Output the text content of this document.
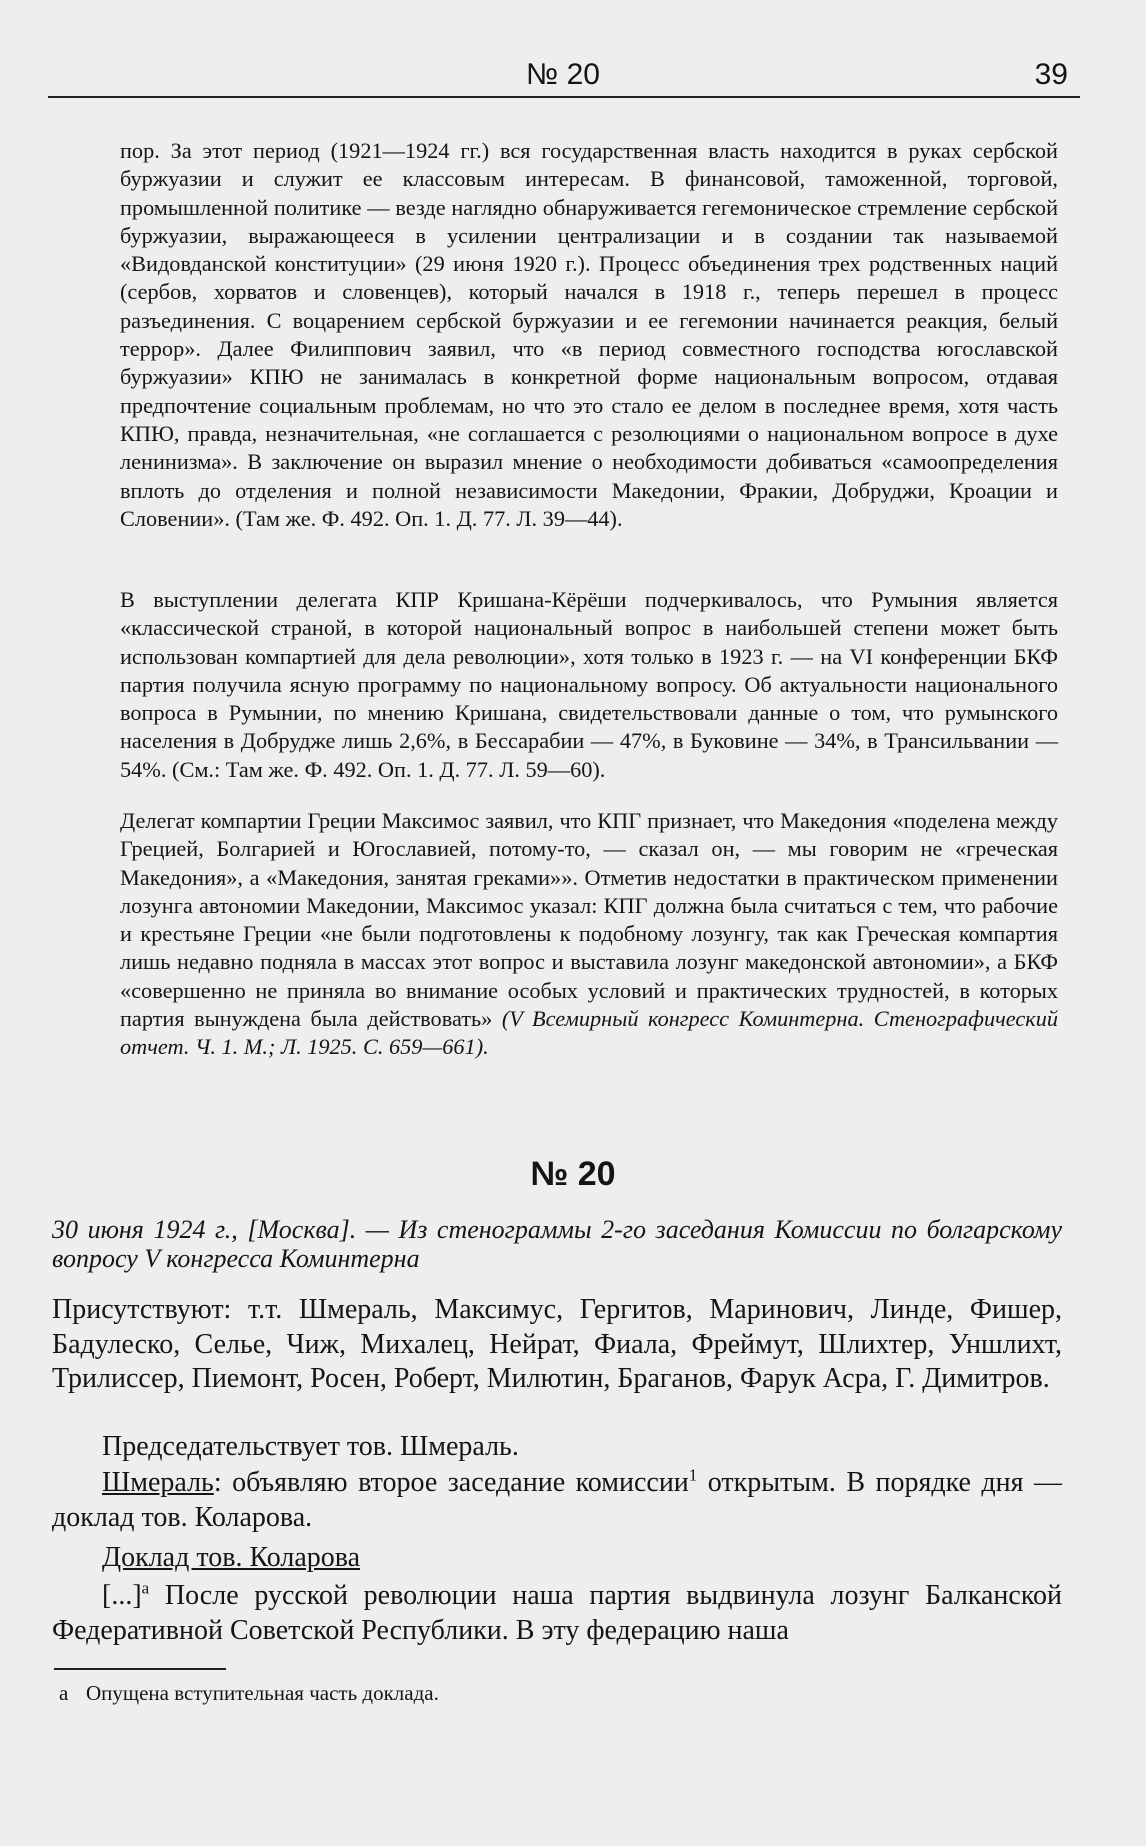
№ 20	39

пор. За этот период (1921—1924 гг.) вся государственная власть находится в руках сербской буржуазии и служит ее классовым интересам. В финансовой, таможенной, торговой, промышленной политике — везде наглядно обнаруживается гегемоническое стремление сербской буржуазии, выражающееся в усилении централизации и в создании так называемой «Видовданской конституции» (29 июня 1920 г.). Процесс объединения трех родственных наций (сербов, хорватов и словенцев), который начался в 1918 г., теперь перешел в процесс разъединения. С воцарением сербской буржуазии и ее гегемонии начинается реакция, белый террор». Далее Филиппович заявил, что «в период совместного господства югославской буржуазии» КПЮ не занималась в конкретной форме национальным вопросом, отдавая предпочтение социальным проблемам, но что это стало ее делом в последнее время, хотя часть КПЮ, правда, незначительная, «не соглашается с резолюциями о национальном вопросе в духе ленинизма». В заключение он выразил мнение о необходимости добиваться «самоопределения вплоть до отделения и полной независимости Македонии, Фракии, Добруджи, Кроации и Словении». (Там же. Ф. 492. Оп. 1. Д. 77. Л. 39—44).

В выступлении делегата КПР Кришана-Кёрёши подчеркивалось, что Румыния является «классической страной, в которой национальный вопрос в наибольшей степени может быть использован компартией для дела революции», хотя только в 1923 г. — на VI конференции БКФ партия получила ясную программу по национальному вопросу. Об актуальности национального вопроса в Румынии, по мнению Кришана, свидетельствовали данные о том, что румынского населения в Добрудже лишь 2,6%, в Бессарабии — 47%, в Буковине — 34%, в Трансильвании — 54%. (См.: Там же. Ф. 492. Оп. 1. Д. 77. Л. 59—60).

Делегат компартии Греции Максимос заявил, что КПГ признает, что Македония «поделена между Грецией, Болгарией и Югославией, потому-то, — сказал он, — мы говорим не «греческая Македония», а «Македония, занятая греками»». Отметив недостатки в практическом применении лозунга автономии Македонии, Максимос указал: КПГ должна была считаться с тем, что рабочие и крестьяне Греции «не были подготовлены к подобному лозунгу, так как Греческая компартия лишь недавно подняла в массах этот вопрос и выставила лозунг македонской автономии», а БКФ «совершенно не приняла во внимание особых условий и практических трудностей, в которых партия вынуждена была действовать» (V Всемирный конгресс Коминтерна. Стенографический отчет. Ч. 1. М.; Л. 1925. С. 659—661).

№ 20
30 июня 1924 г., [Москва]. — Из стенограммы 2-го заседания Комиссии по болгарскому вопросу V конгресса Коминтерна
Присутствуют: т.т. Шмераль, Максимус, Гергитов, Маринович, Линде, Фишер, Бадулеско, Селье, Чиж, Михалец, Нейрат, Фиала, Фреймут, Шлихтер, Уншлихт, Трилиссер, Пиемонт, Росен, Роберт, Милютин, Браганов, Фарук Асра, Г. Димитров.
Председательствует тов. Шмераль.
Шмераль: объявляю второе заседание комиссии$^1$ открытым. В порядке дня — доклад тов. Коларова.
Доклад тов. Коларова
[...]$^a$ После русской революции наша партия выдвинула лозунг Балканской Федеративной Советской Республики. В эту федерацию наша
a Опущена вступительная часть доклада.
